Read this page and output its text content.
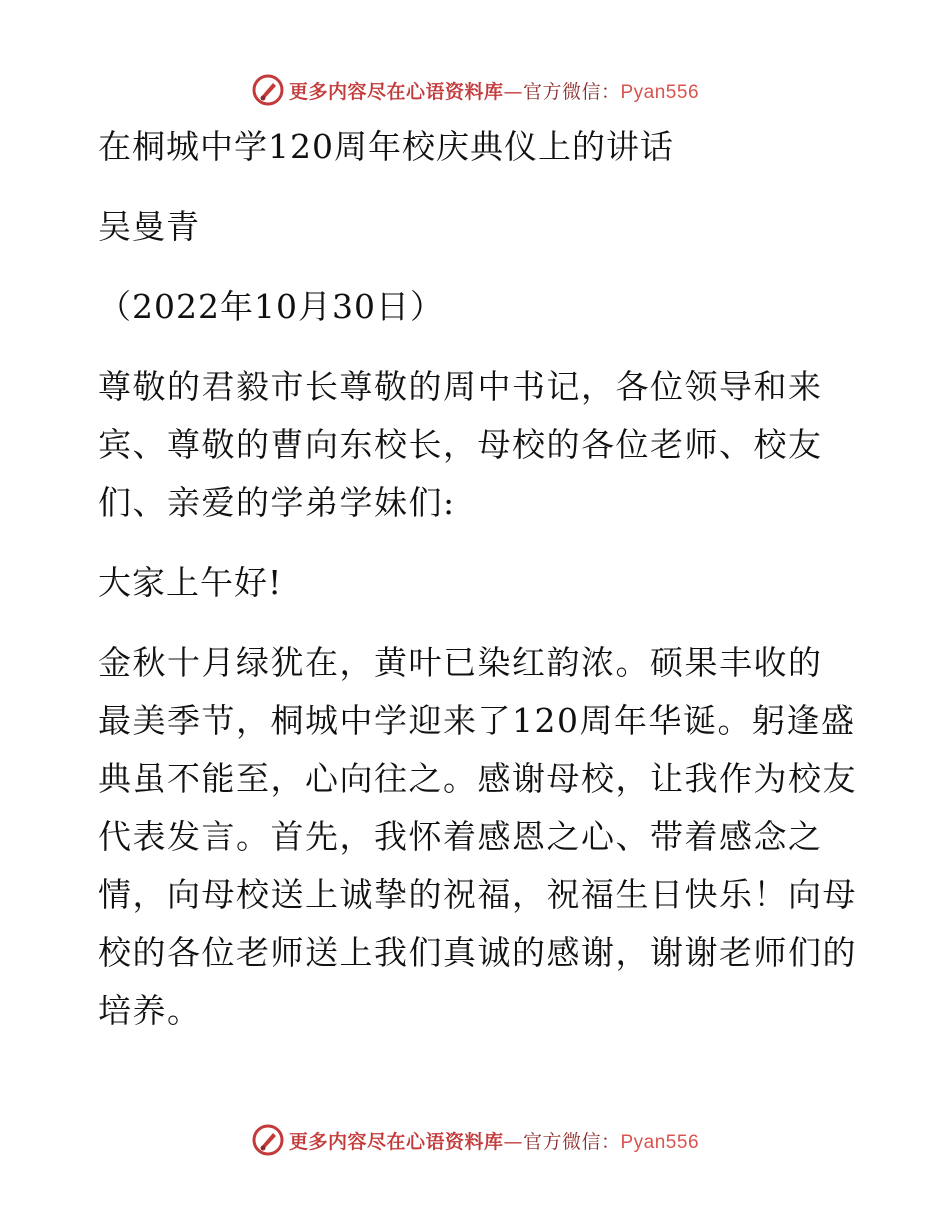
更多内容尽在心语资料库—官方微信：Pyan556
在桐城中学120周年校庆典仪上的讲话
吴曼青
（2022年10月30日）
尊敬的君毅市长尊敬的周中书记，各位领导和来
宾、尊敬的曹向东校长，母校的各位老师、校友
们、亲爱的学弟学妹们:
大家上午好!
金秋十月绿犹在，黄叶已染红韵浓。硕果丰收的
最美季节，桐城中学迎来了120周年华诞。躬逢盛
典虽不能至，心向往之。感谢母校，让我作为校友
代表发言。首先，我怀着感恩之心、带着感念之
情，向母校送上诚挚的祝福，祝福生日快乐！向母
校的各位老师送上我们真诚的感谢，谢谢老师们的
培养。
更多内容尽在心语资料库—官方微信：Pyan556
